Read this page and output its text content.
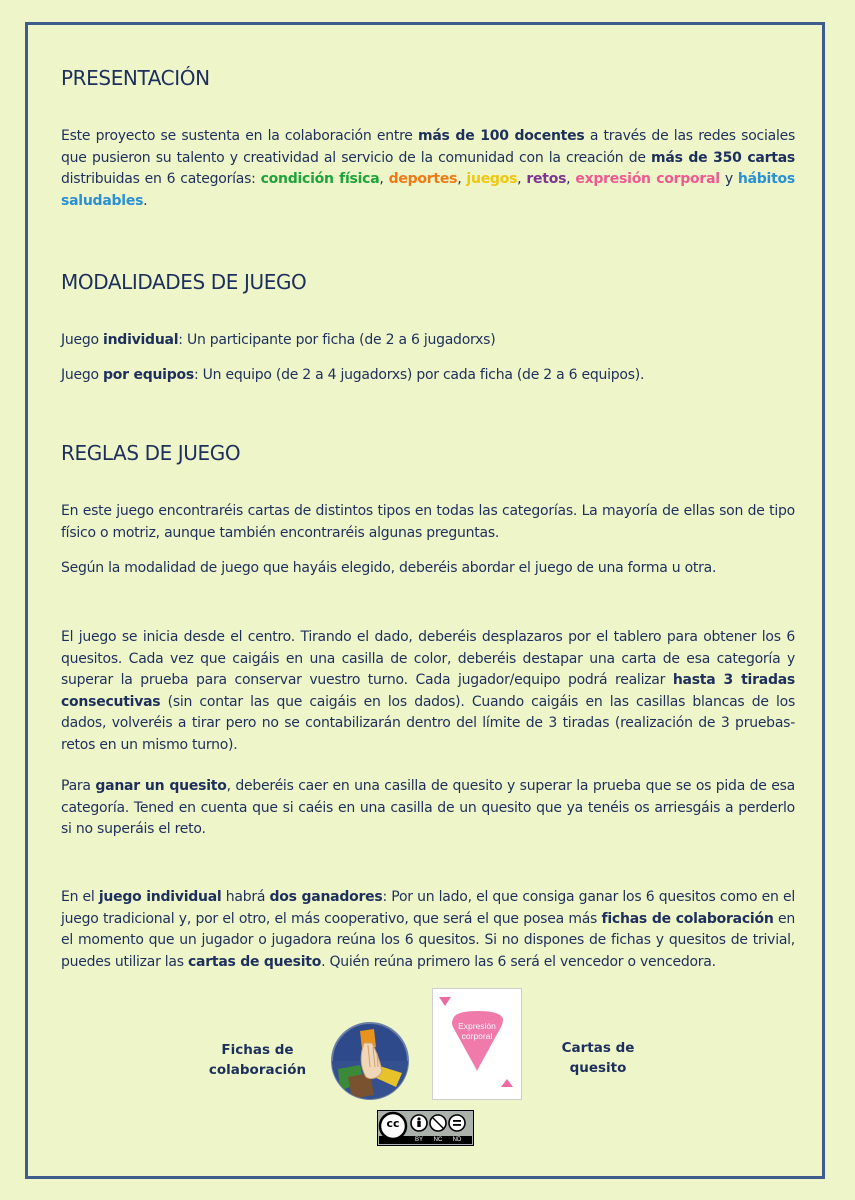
PRESENTACIÓN

Este proyecto se sustenta en la colaboración entre más de 100 docentes a través de las redes sociales que pusieron su talento y creatividad al servicio de la comunidad con la creación de más de 350 cartas distribuidas en 6 categorías: condición física, deportes, juegos, retos, expresión corporal y hábitos saludables.

MODALIDADES DE JUEGO

Juego individual: Un participante por ficha (de 2 a 6 jugadorxs)

Juego por equipos: Un equipo (de 2 a 4 jugadorxs) por cada ficha (de 2 a 6 equipos).

REGLAS DE JUEGO

En este juego encontraréis cartas de distintos tipos en todas las categorías. La mayoría de ellas son de tipo físico o motriz, aunque también encontraréis algunas preguntas.

Según la modalidad de juego que hayáis elegido, deberéis abordar el juego de una forma u otra.

El juego se inicia desde el centro. Tirando el dado, deberéis desplazaros por el tablero para obtener los 6 quesitos. Cada vez que caigáis en una casilla de color, deberéis destapar una carta de esa categoría y superar la prueba para conservar vuestro turno. Cada jugador/equipo podrá realizar hasta 3 tiradas consecutivas (sin contar las que caigáis en los dados). Cuando caigáis en las casillas blancas de los dados, volveréis a tirar pero no se contabilizarán dentro del límite de 3 tiradas (realización de 3 pruebas-retos en un mismo turno).

Para ganar un quesito, deberéis caer en una casilla de quesito y superar la prueba que se os pida de esa categoría. Tened en cuenta que si caéis en una casilla de un quesito que ya tenéis os arriesgáis a perderlo si no superáis el reto.

En el juego individual habrá dos ganadores: Por un lado, el que consiga ganar los 6 quesitos como en el juego tradicional y, por el otro, el más cooperativo, que será el que posea más fichas de colaboración en el momento que un jugador o jugadora reúna los 6 quesitos. Si no dispones de fichas y quesitos de trivial, puedes utilizar las cartas de quesito. Quién reúna primero las 6 será el vencedor o vencedora.

Fichas de
colaboración
Expresión
corporal
Cartas de
quesito
cc
BY	NC ND
